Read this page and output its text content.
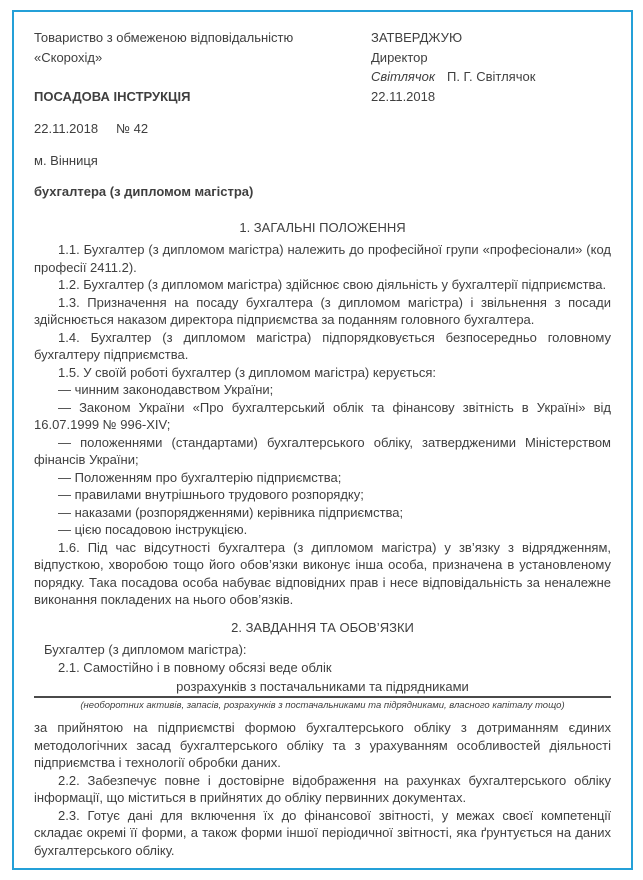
Товариство з обмеженою відповідальністю
«Скорохід»
ПОСАДОВА ІНСТРУКЦІЯ
ЗАТВЕРДЖУЮ
Директор
Світлячок П. Г. Світлячок
22.11.2018
22.11.2018 № 42
м. Вінниця
бухгалтера (з дипломом магістра)
1. ЗАГАЛЬНІ ПОЛОЖЕННЯ

1.1. Бухгалтер (з дипломом магістра) належить до професійної групи «професіонали» (код професії 2411.2).

1.2. Бухгалтер (з дипломом магістра) здійснює свою діяльність у бухгалтерії підприємства.

1.3. Призначення на посаду бухгалтера (з дипломом магістра) і звільнення з посади здійснюється наказом директора підприємства за поданням головного бухгалтера.

1.4. Бухгалтер (з дипломом магістра) підпорядковується безпосередньо головному бухгалтеру підприємства.

1.5. У своїй роботі бухгалтер (з дипломом магістра) керується:

— чинним законодавством України;

— Законом України «Про бухгалтерський облік та фінансову звітність в Україні» від 16.07.1999 № 996-XIV;

— положеннями (стандартами) бухгалтерського обліку, затвердженими Міністерством фінансів України;

— Положенням про бухгалтерію підприємства;

— правилами внутрішнього трудового розпорядку;

— наказами (розпорядженнями) керівника підприємства;

— цією посадовою інструкцією.

1.6. Під час відсутності бухгалтера (з дипломом магістра) у зв’язку з відрядженням, відпусткою, хворобою тощо його обов’язки виконує інша особа, призначена в установленому порядку. Така посадова особа набуває відповідних прав і несе відповідальність за неналежне виконання покладених на нього обов’язків.

2. ЗАВДАННЯ ТА ОБОВ’ЯЗКИ

Бухгалтер (з дипломом магістра):

2.1. Самостійно і в повному обсязі веде облік

розрахунків з постачальниками та підрядниками
(необоротних активів, запасів, розрахунків з постачальниками та підрядниками, власного капіталу тощо)

за прийнятою на підприємстві формою бухгалтерського обліку з дотриманням єдиних методологічних засад бухгалтерського обліку та з урахуванням особливостей діяльності підприємства і технології обробки даних.

2.2. Забезпечує повне і достовірне відображення на рахунках бухгалтерського обліку інформації, що міститься в прийнятих до обліку первинних документах.

2.3. Готує дані для включення їх до фінансової звітності, у межах своєї компетенції складає окремі її форми, а також форми іншої періодичної звітності, яка ґрунтується на даних бухгалтерського обліку.
